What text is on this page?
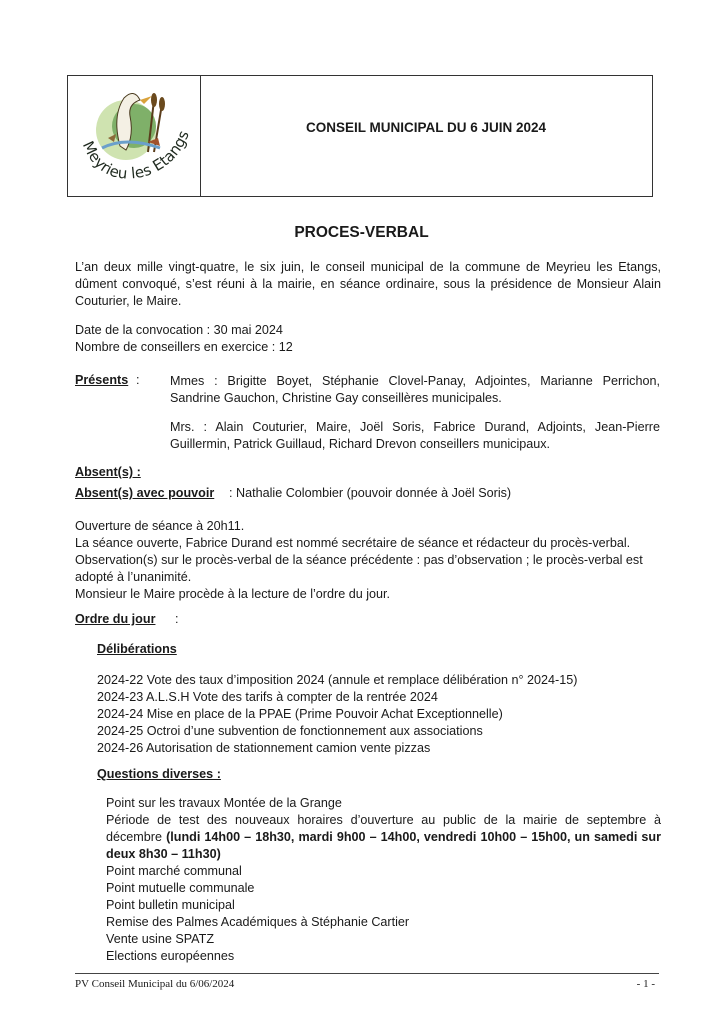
Meyrieu les Etangs	CONSEIL MUNICIPAL DU 6 JUIN 2024
PROCES-VERBAL

L’an deux mille vingt-quatre, le six juin, le conseil municipal de la commune de Meyrieu les Etangs, dûment convoqué, s’est réuni à la mairie, en séance ordinaire, sous la présidence de Monsieur Alain Couturier, le Maire.

Date de la convocation : 30 mai 2024

Nombre de conseillers en exercice : 12

Présents : Mmes : Brigitte Boyet, Stéphanie Clovel-Panay, Adjointes, Marianne Perrichon, Sandrine Gauchon, Christine Gay conseillères municipales.

Mrs. : Alain Couturier, Maire, Joël Soris, Fabrice Durand, Adjoints, Jean-Pierre Guillermin, Patrick Guillaud, Richard Drevon conseillers municipaux.

Absent(s) :
Absent(s) avec pouvoir : Nathalie Colombier (pouvoir donnée à Joël Soris)

Ouverture de séance à 20h11.

La séance ouverte, Fabrice Durand est nommé secrétaire de séance et rédacteur du procès-verbal.

Observation(s) sur le procès-verbal de la séance précédente : pas d’observation ; le procès-verbal est adopté à l’unanimité.

Monsieur le Maire procède à la lecture de l’ordre du jour.

Ordre du jour :
Délibérations

2024-22 Vote des taux d’imposition 2024 (annule et remplace délibération n° 2024-15)

2024-23 A.L.S.H Vote des tarifs à compter de la rentrée 2024

2024-24 Mise en place de la PPAE (Prime Pouvoir Achat Exceptionnelle)

2024-25 Octroi d’une subvention de fonctionnement aux associations

2024-26 Autorisation de stationnement camion vente pizzas

Questions diverses :

Point sur les travaux Montée de la Grange

Période de test des nouveaux horaires d’ouverture au public de la mairie de septembre à décembre (lundi 14h00 – 18h30, mardi 9h00 – 14h00, vendredi 10h00 – 15h00, un samedi sur deux 8h30 – 11h30)

Point marché communal

Point mutuelle communale

Point bulletin municipal

Remise des Palmes Académiques à Stéphanie Cartier

Vente usine SPATZ

Elections européennes

PV Conseil Municipal du 6/06/2024	- 1 -
